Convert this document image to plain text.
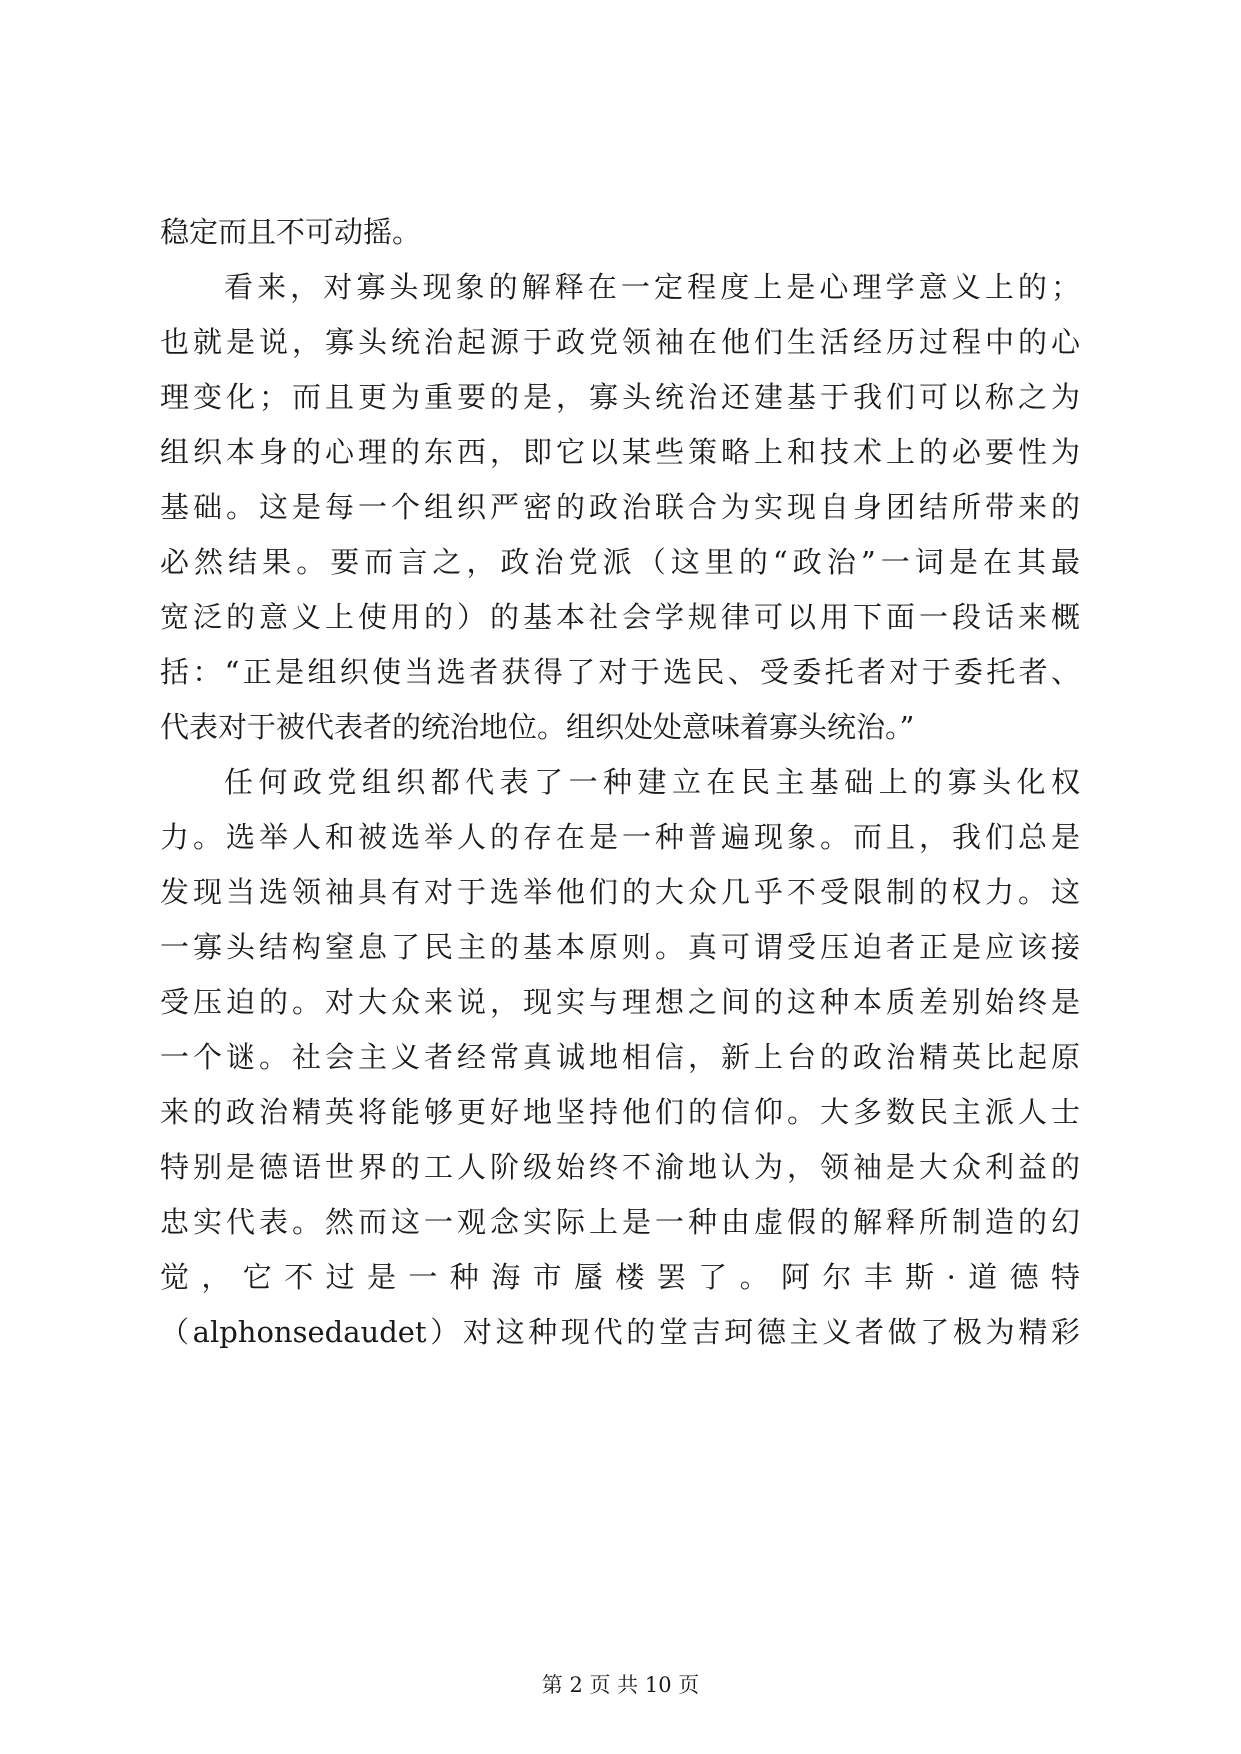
稳定而且不可动摇。
看来，对寡头现象的解释在一定程度上是心理学意义上的；
也就是说，寡头统治起源于政党领袖在他们生活经历过程中的心
理变化；而且更为重要的是，寡头统治还建基于我们可以称之为
组织本身的心理的东西，即它以某些策略上和技术上的必要性为
基础。这是每一个组织严密的政治联合为实现自身团结所带来的
必然结果。要而言之，政治党派（这里的“政治”一词是在其最
宽泛的意义上使用的）的基本社会学规律可以用下面一段话来概
括：“正是组织使当选者获得了对于选民、受委托者对于委托者、
代表对于被代表者的统治地位。组织处处意味着寡头统治。”
任何政党组织都代表了一种建立在民主基础上的寡头化权
力。选举人和被选举人的存在是一种普遍现象。而且，我们总是
发现当选领袖具有对于选举他们的大众几乎不受限制的权力。这
一寡头结构窒息了民主的基本原则。真可谓受压迫者正是应该接
受压迫的。对大众来说，现实与理想之间的这种本质差别始终是
一个谜。社会主义者经常真诚地相信，新上台的政治精英比起原
来的政治精英将能够更好地坚持他们的信仰。大多数民主派人士
特别是德语世界的工人阶级始终不渝地认为，领袖是大众利益的
忠实代表。然而这一观念实际上是一种由虚假的解释所制造的幻
觉，它不过是一种海市蜃楼罢了。阿尔丰斯·道德特
（alphonsedaudet）对这种现代的堂吉珂德主义者做了极为精彩
第 2 页 共 10 页
